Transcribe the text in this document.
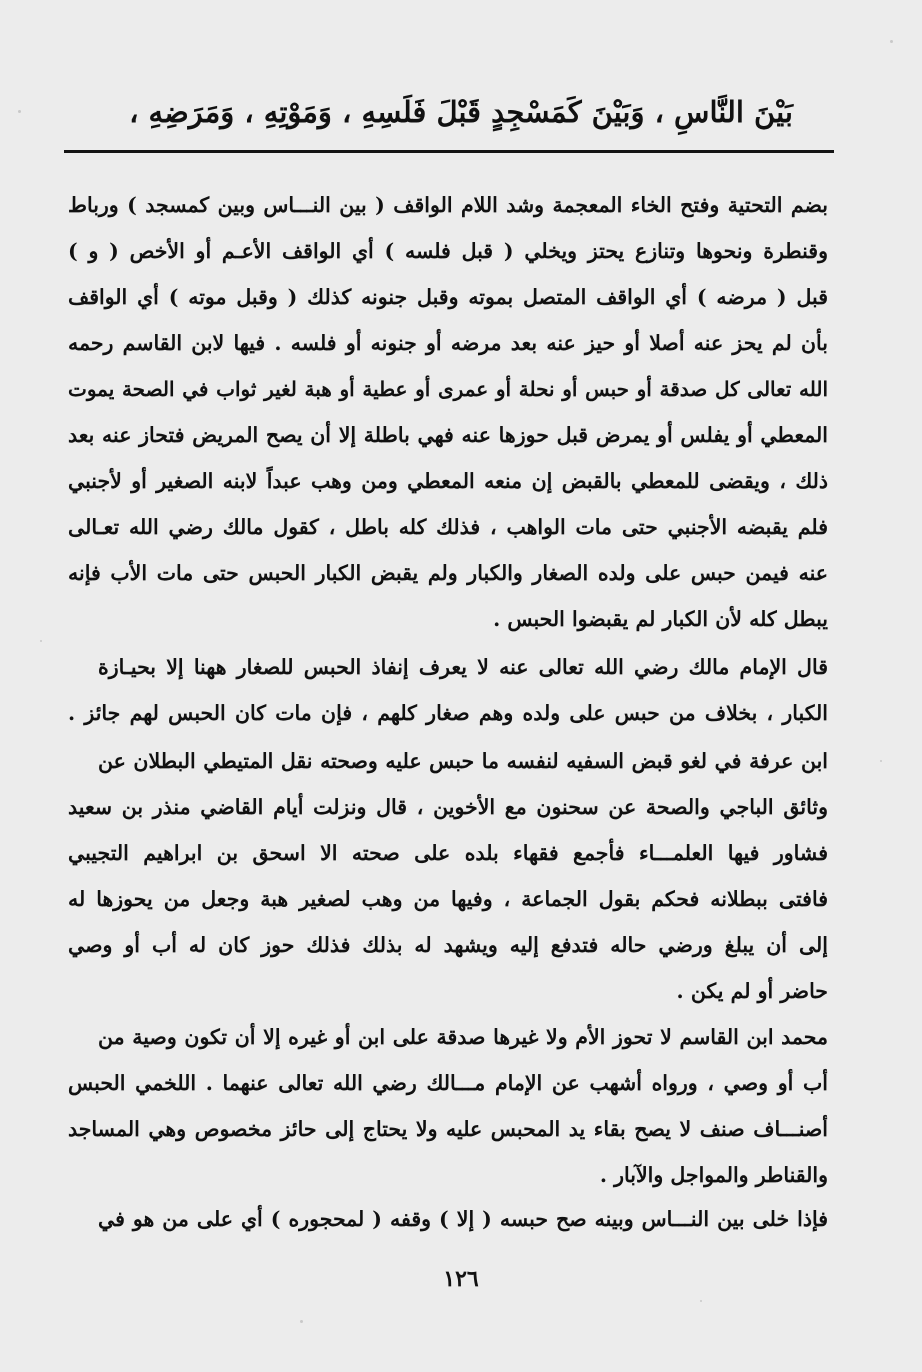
بَيْنَ النَّاسِ ، وَبَيْنَ كَمَسْجِدٍ قَبْلَ فَلَسِهِ ، وَمَوْتِهِ ، وَمَرَضِهِ ،
بضم التحتية وفتح الخاء المعجمة وشد اللام الواقف ( بين النـــاس وبين كمسجد ) ورباط
وقنطرة ونحوها وتنازع يحتز ويخلي ( قبل فلسه ) أي الواقف الأعـم أو الأخص ( و )
قبل ( مرضه ) أي الواقف المتصل بموته وقبل جنونه كذلك ( وقبل موته ) أي الواقف
بأن لم يحز عنه أصلا أو حيز عنه بعد مرضه أو جنونه أو فلسه . فيها لابن القاسم رحمه
الله تعالى كل صدقة أو حبس أو نحلة أو عمرى أو عطية أو هبة لغير ثواب في الصحة يموت
المعطي أو يفلس أو يمرض قبل حوزها عنه فهي باطلة إلا أن يصح المريض فتحاز عنه بعد
ذلك ، ويقضى للمعطي بالقبض إن منعه المعطي ومن وهب عبداً لابنه الصغير أو لأجنبي
فلم يقبضه الأجنبي حتى مات الواهب ، فذلك كله باطل ، كقول مالك رضي الله تعـالى
عنه فيمن حبس على ولده الصغار والكبار ولم يقبض الكبار الحبس حتى مات الأب فإنه
يبطل كله لأن الكبار لم يقبضوا الحبس .
قال الإمام مالك رضي الله تعالى عنه لا يعرف إنفاذ الحبس للصغار ههنا إلا بحيـازة
الكبار ، بخلاف من حبس على ولده وهم صغار كلهم ، فإن مات كان الحبس لهم جائز .
ابن عرفة في لغو قبض السفيه لنفسه ما حبس عليه وصحته نقل المتيطي البطلان عن
وثائق الباجي والصحة عن سحنون مع الأخوين ، قال ونزلت أيام القاضي منذر بن سعيد
فشاور فيها العلمـــاء فأجمع فقهاء بلده على صحته الا اسحق بن ابراهيم التجيبي
فافتى ببطلانه فحكم بقول الجماعة ، وفيها من وهب لصغير هبة وجعل من يحوزها له
إلى أن يبلغ ورضي حاله فتدفع إليه ويشهد له بذلك فذلك حوز كان له أب أو وصي
حاضر أو لم يكن .
محمد ابن القاسم لا تحوز الأم ولا غيرها صدقة على ابن أو غيره إلا أن تكون وصية من
أب أو وصي ، ورواه أشهب عن الإمام مـــالك رضي الله تعالى عنهما . اللخمي الحبس
أصنـــاف صنف لا يصح بقاء يد المحبس عليه ولا يحتاج إلى حائز مخصوص وهي المساجد
والقناطر والمواجل والآبار .
فإذا خلى بين النـــاس وبينه صح حبسه ( إلا ) وقفه ( لمحجوره ) أي على من هو في
١٢٦
